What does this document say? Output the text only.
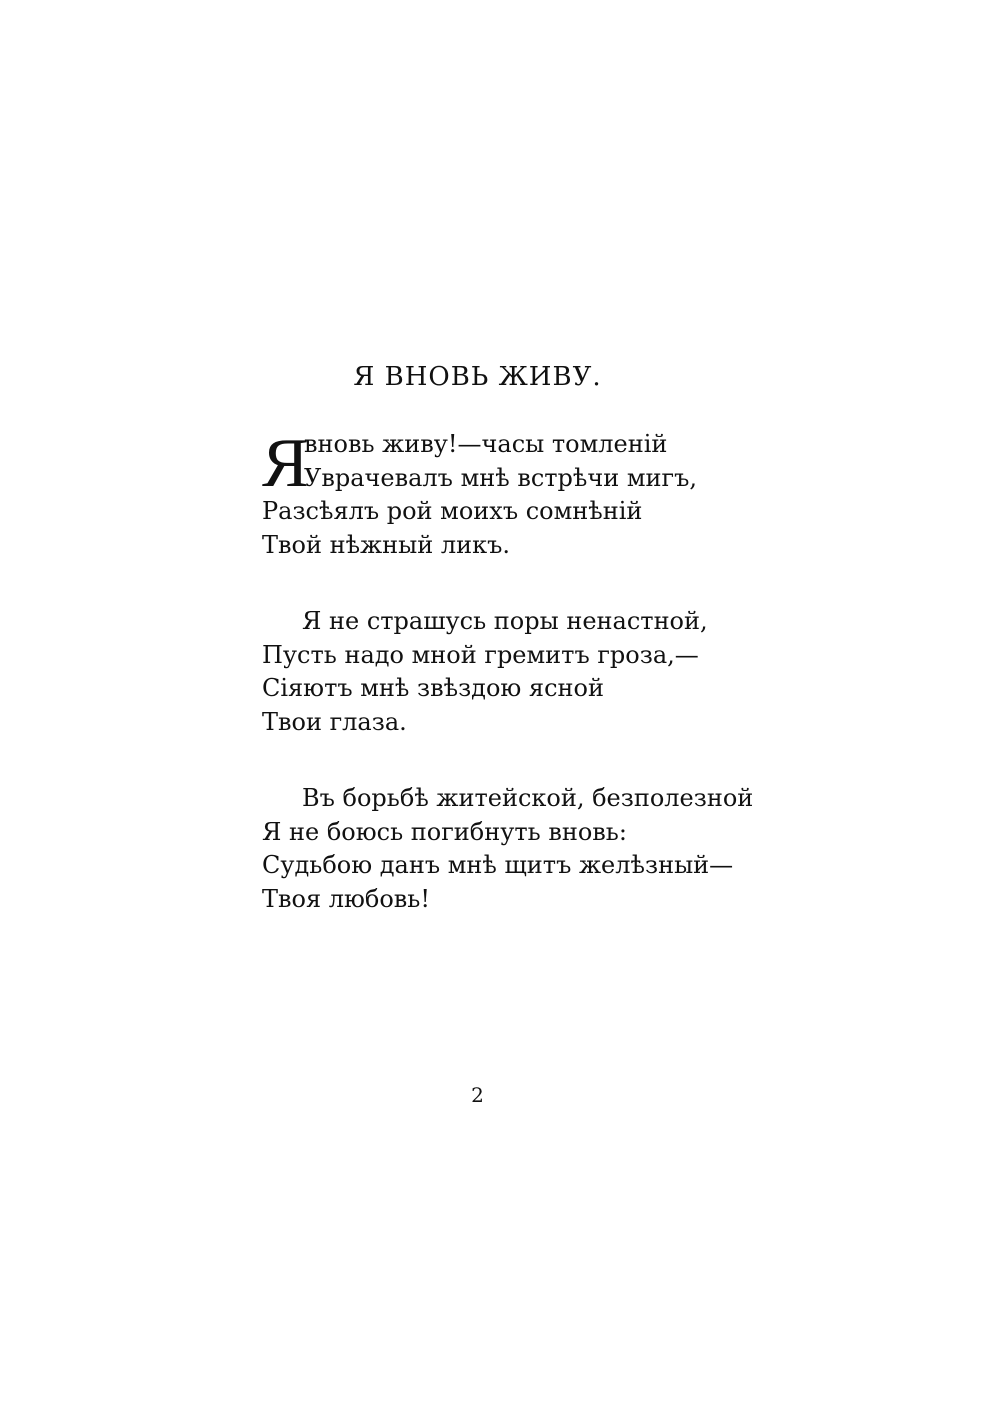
Я ВНОВЬ ЖИВУ.
Я
вновь живу!—часы томленій
Уврачевалъ мнѣ встрѣчи мигъ,
Разсѣялъ рой моихъ сомнѣній
Твой нѣжный ликъ.
Я не страшусь поры ненастной,
Пусть надо мной гремитъ гроза,—
Сіяютъ мнѣ звѣздою ясной
Твои глаза.
Въ борьбѣ житейской, безполезной
Я не боюсь погибнуть вновь:
Судьбою данъ мнѣ щитъ желѣзный—
Твоя любовь!
2
